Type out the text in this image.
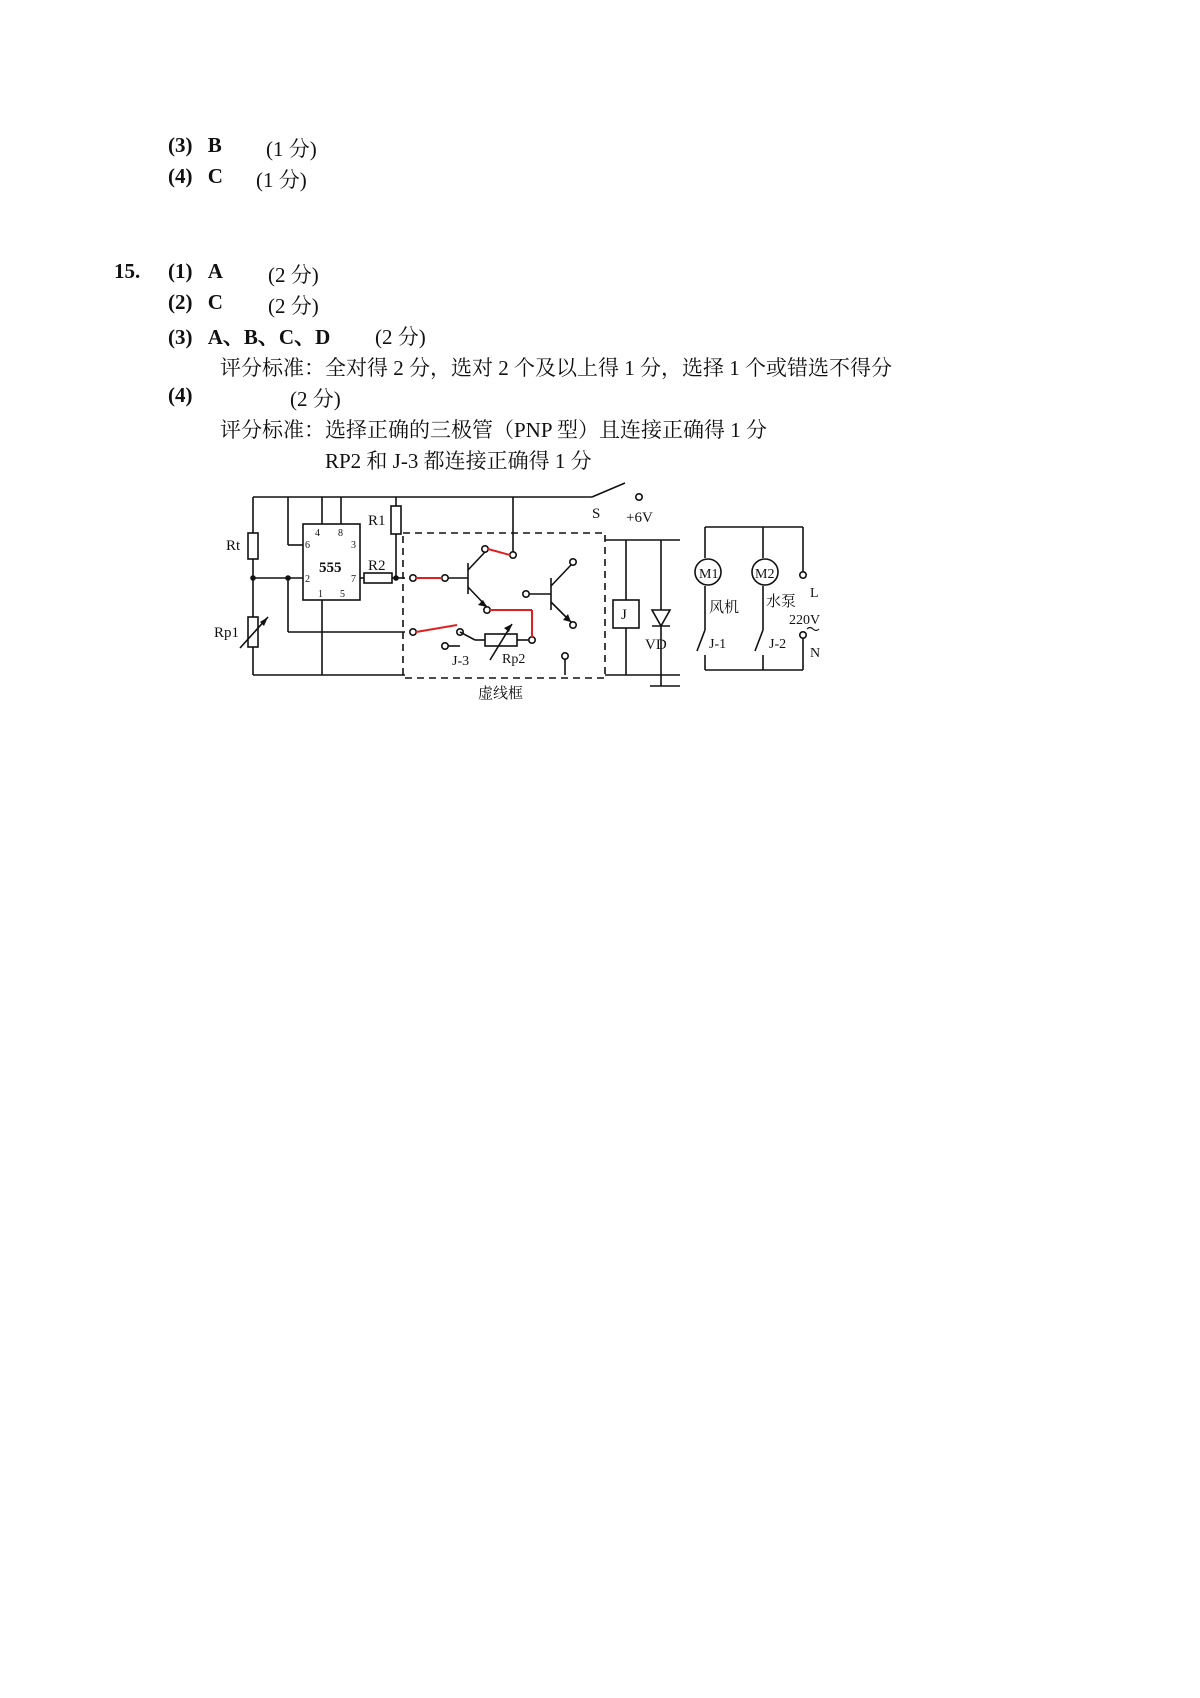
(3) B (1 分)
(4) C (1 分)
15. (1) A (2 分)
(2) C (2 分)
(3) A、B、C、D (2 分)
评分标准：全对得 2 分，选对 2 个及以上得 1 分，选择 1 个或错选不得分
(4)	(2 分)
评分标准：选择正确的三极管（PNP 型）且连接正确得 1 分
RP2 和 J-3 都连接正确得 1 分
Rt
Rp1
R1
R2
555
4 8
6	3
2	7
1 5
S +6V
J
VD
J-3 Rp2
虚线框
M1	M2
风机 水泵
L
220V
N
J-1	J-2
